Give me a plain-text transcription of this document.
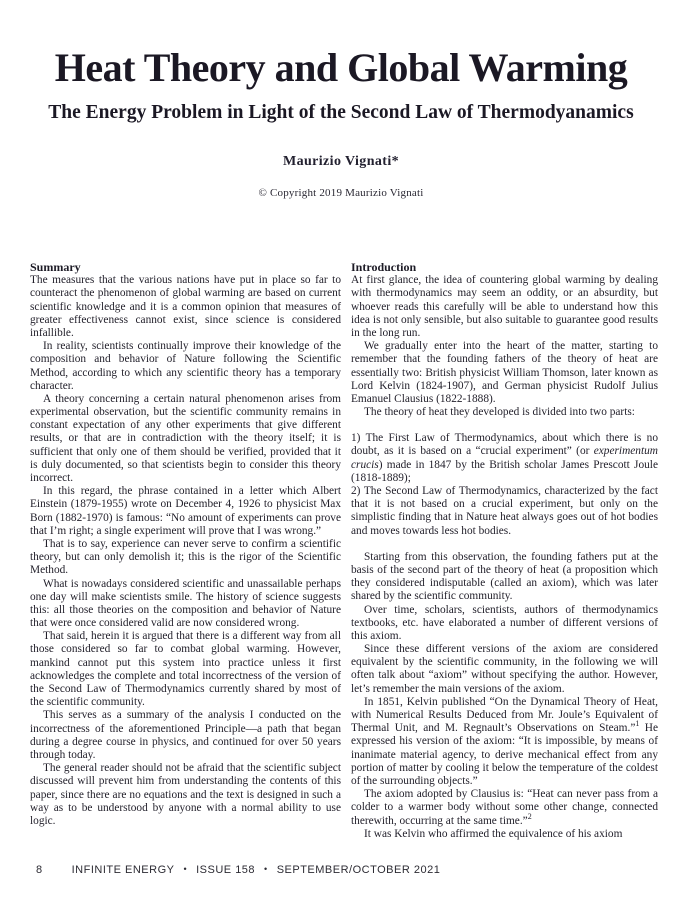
Heat Theory and Global Warming
The Energy Problem in Light of the Second Law of Thermodyanamics
Maurizio Vignati*
© Copyright 2019 Maurizio Vignati
Summary

The measures that the various nations have put in place so far to counteract the phenomenon of global warming are based on current scientific knowledge and it is a common opinion that measures of greater effectiveness cannot exist, since science is considered infallible.

In reality, scientists continually improve their knowledge of the composition and behavior of Nature following the Scientific Method, according to which any scientific theory has a temporary character.

A theory concerning a certain natural phenomenon arises from experimental observation, but the scientific community remains in constant expectation of any other experiments that give different results, or that are in contradiction with the theory itself; it is sufficient that only one of them should be verified, provided that it is duly documented, so that scientists begin to consider this theory incorrect.

In this regard, the phrase contained in a letter which Albert Einstein (1879-1955) wrote on December 4, 1926 to physicist Max Born (1882-1970) is famous: “No amount of experiments can prove that I’m right; a single experiment will prove that I was wrong.”

That is to say, experience can never serve to confirm a scientific theory, but can only demolish it; this is the rigor of the Scientific Method.

What is nowadays considered scientific and unassailable perhaps one day will make scientists smile. The history of science suggests this: all those theories on the composition and behavior of Nature that were once considered valid are now considered wrong.

That said, herein it is argued that there is a different way from all those considered so far to combat global warming. However, mankind cannot put this system into practice unless it first acknowledges the complete and total incorrectness of the version of the Second Law of Thermodynamics currently shared by most of the scientific community.

This serves as a summary of the analysis I conducted on the incorrectness of the aforementioned Principle—a path that began during a degree course in physics, and continued for over 50 years through today.

The general reader should not be afraid that the scientific subject discussed will prevent him from understanding the contents of this paper, since there are no equations and the text is designed in such a way as to be understood by anyone with a normal ability to use logic.

Introduction

At first glance, the idea of countering global warming by dealing with thermodynamics may seem an oddity, or an absurdity, but whoever reads this carefully will be able to understand how this idea is not only sensible, but also suitable to guarantee good results in the long run.

We gradually enter into the heart of the matter, starting to remember that the founding fathers of the theory of heat are essentially two: British physicist William Thomson, later known as Lord Kelvin (1824-1907), and German physicist Rudolf Julius Emanuel Clausius (1822-1888).

The theory of heat they developed is divided into two parts:

1) The First Law of Thermodynamics, about which there is no doubt, as it is based on a “crucial experiment” (or experimentum crucis) made in 1847 by the British scholar James Prescott Joule (1818-1889);

2) The Second Law of Thermodynamics, characterized by the fact that it is not based on a crucial experiment, but only on the simplistic finding that in Nature heat always goes out of hot bodies and moves towards less hot bodies.

Starting from this observation, the founding fathers put at the basis of the second part of the theory of heat (a proposition which they considered indisputable (called an axiom), which was later shared by the scientific community.

Over time, scholars, scientists, authors of thermodynamics textbooks, etc. have elaborated a number of different versions of this axiom.

Since these different versions of the axiom are considered equivalent by the scientific community, in the following we will often talk about “axiom” without specifying the author. However, let’s remember the main versions of the axiom.

In 1851, Kelvin published “On the Dynamical Theory of Heat, with Numerical Results Deduced from Mr. Joule’s Equivalent of Thermal Unit, and M. Regnault’s Observations on Steam.”$^1$ He expressed his version of the axiom: “It is impossible, by means of inanimate material agency, to derive mechanical effect from any portion of matter by cooling it below the temperature of the coldest of the surrounding objects.”

The axiom adopted by Clausius is: “Heat can never pass from a colder to a warmer body without some other change, connected therewith, occurring at the same time.”$^2$

It was Kelvin who affirmed the equivalence of his axiom

8	INFINITE ENERGY • ISSUE 158 • SEPTEMBER/OCTOBER 2021
